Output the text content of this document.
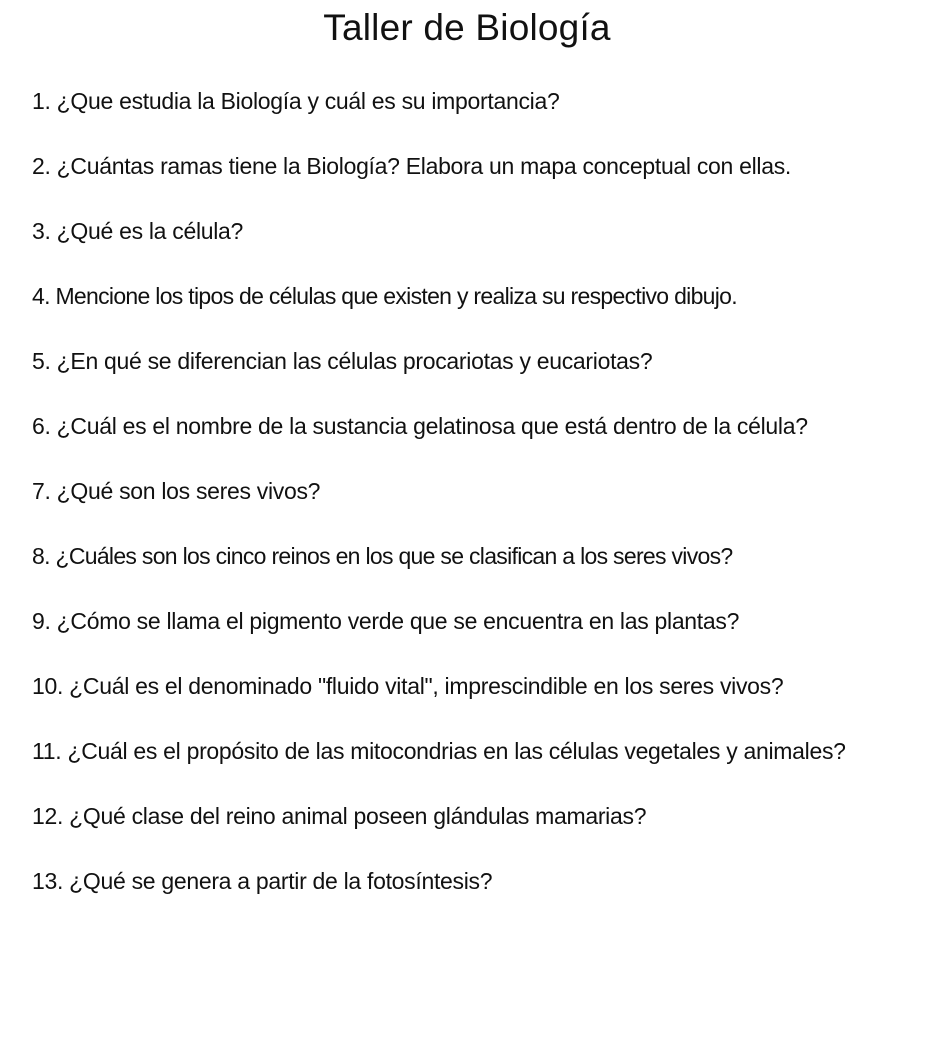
Taller de Biología
1. ¿Que estudia la Biología y cuál es su importancia?
2. ¿Cuántas ramas tiene la Biología? Elabora un mapa conceptual con ellas.
3. ¿Qué es la célula?
4. Mencione los tipos de células que existen y realiza su respectivo dibujo.
5. ¿En qué se diferencian las células procariotas y eucariotas?
6. ¿Cuál es el nombre de la sustancia gelatinosa que está dentro de la célula?
7. ¿Qué son los seres vivos?
8. ¿Cuáles son los cinco reinos en los que se clasifican a los seres vivos?
9. ¿Cómo se llama el pigmento verde que se encuentra en las plantas?
10. ¿Cuál es el denominado "fluido vital", imprescindible en los seres vivos?
11. ¿Cuál es el propósito de las mitocondrias en las células vegetales y animales?
12. ¿Qué clase del reino animal poseen glándulas mamarias?
13. ¿Qué se genera a partir de la fotosíntesis?
